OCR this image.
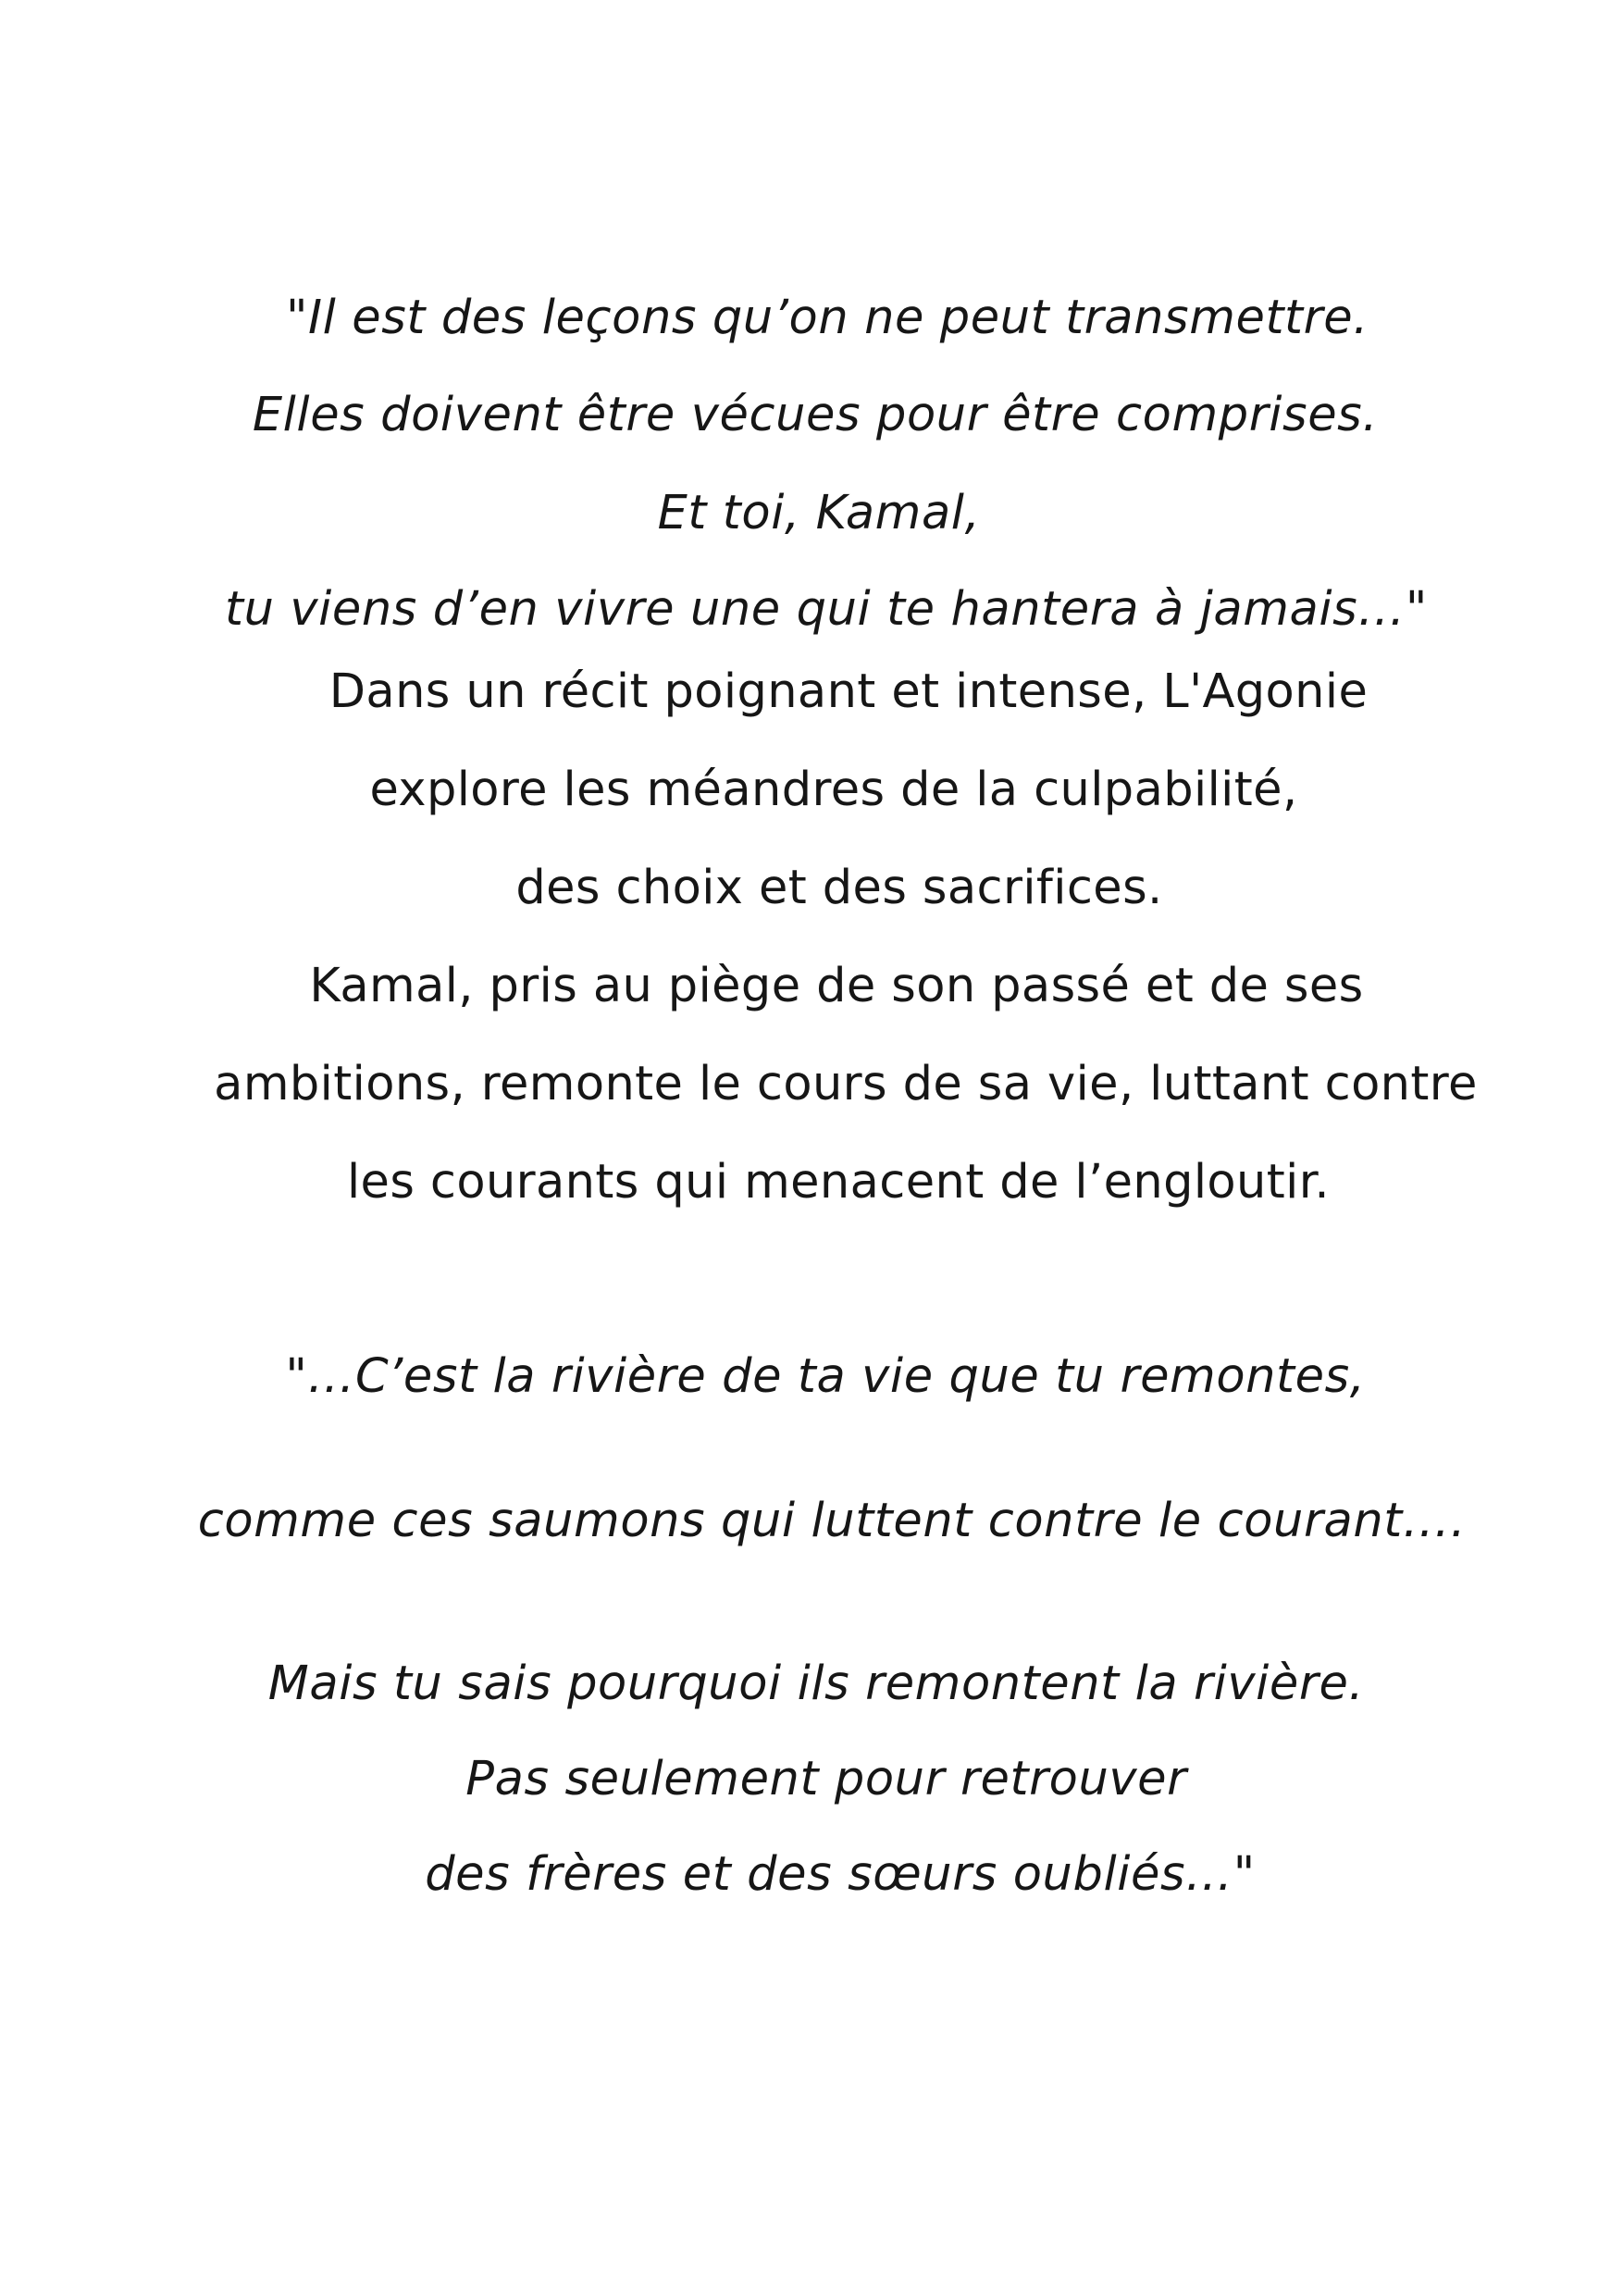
"Il est des leçons qu’on ne peut transmettre.

Elles doivent être vécues pour être comprises.

Et toi, Kamal,

tu viens d’en vivre une qui te hantera à jamais…"

Dans un récit poignant et intense, L'Agonie

explore les méandres de la culpabilité,

des choix et des sacrifices.

Kamal, pris au piège de son passé et de ses

ambitions, remonte le cours de sa vie, luttant contre

les courants qui menacent de l’engloutir.

"…C’est la rivière de ta vie que tu remontes,

comme ces saumons qui luttent contre le courant….

Mais tu sais pourquoi ils remontent la rivière.

Pas seulement pour retrouver

des frères et des sœurs oubliés…"
